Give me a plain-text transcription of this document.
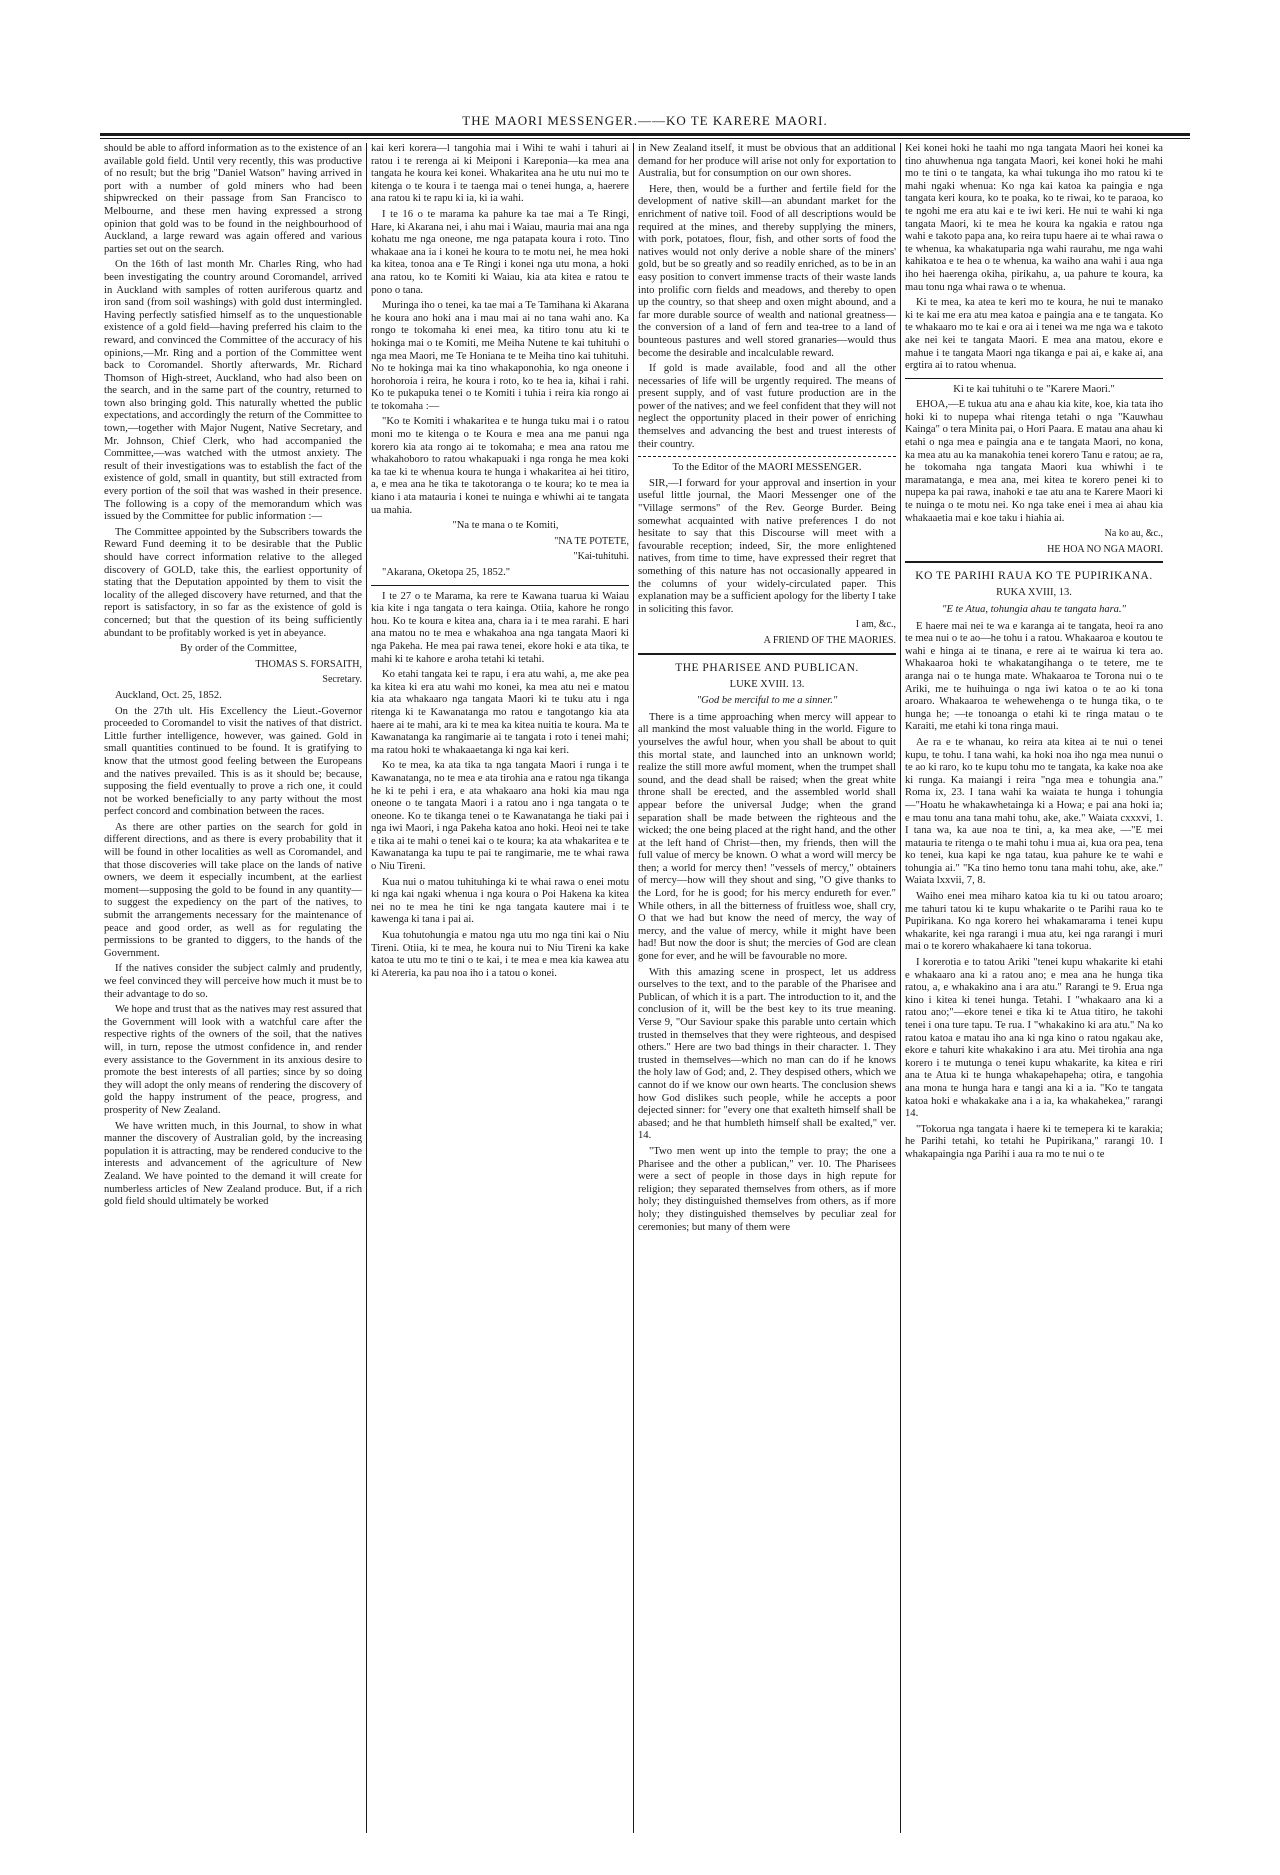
THE MAORI MESSENGER.——KO TE KARERE MAORI.

should be able to afford information as to the existence of an available gold field. Until very recently, this was productive of no result; but the brig "Daniel Watson" having arrived in port with a number of gold miners who had been shipwrecked on their passage from San Francisco to Melbourne, and these men having expressed a strong opinion that gold was to be found in the neighbourhood of Auckland, a large reward was again offered and various parties set out on the search.

On the 16th of last month Mr. Charles Ring, who had been investigating the country around Coromandel, arrived in Auckland with samples of rotten auriferous quartz and iron sand (from soil washings) with gold dust intermingled. Having perfectly satisfied himself as to the unquestionable existence of a gold field—having preferred his claim to the reward, and convinced the Committee of the accuracy of his opinions,—Mr. Ring and a portion of the Committee went back to Coromandel. Shortly afterwards, Mr. Richard Thomson of High-street, Auckland, who had also been on the search, and in the same part of the country, returned to town also bringing gold. This naturally whetted the public expectations, and accordingly the return of the Committee to town,—together with Major Nugent, Native Secretary, and Mr. Johnson, Chief Clerk, who had accompanied the Committee,—was watched with the utmost anxiety. The result of their investigations was to establish the fact of the existence of gold, small in quantity, but still extracted from every portion of the soil that was washed in their presence. The following is a copy of the memorandum which was issued by the Committee for public information :—

The Committee appointed by the Subscribers towards the Reward Fund deeming it to be desirable that the Public should have correct information relative to the alleged discovery of GOLD, take this, the earliest opportunity of stating that the Deputation appointed by them to visit the locality of the alleged discovery have returned, and that the report is satisfactory, in so far as the existence of gold is concerned; but that the question of its being sufficiently abundant to be profitably worked is yet in abeyance.

By order of the Committee,

THOMAS S. FORSAITH,
Secretary.

Auckland, Oct. 25, 1852.

On the 27th ult. His Excellency the Lieut.-Governor proceeded to Coromandel to visit the natives of that district. Little further intelligence, however, was gained. Gold in small quantities continued to be found. It is gratifying to know that the utmost good feeling between the Europeans and the natives prevailed. This is as it should be; because, supposing the field eventually to prove a rich one, it could not be worked beneficially to any party without the most perfect concord and combination between the races.

As there are other parties on the search for gold in different directions, and as there is every probability that it will be found in other localities as well as Coromandel, and that those discoveries will take place on the lands of native owners, we deem it especially incumbent, at the earliest moment—supposing the gold to be found in any quantity—to suggest the expediency on the part of the natives, to submit the arrangements necessary for the maintenance of peace and good order, as well as for regulating the permissions to be granted to diggers, to the hands of the Government.

If the natives consider the subject calmly and prudently, we feel convinced they will perceive how much it must be to their advantage to do so.

We hope and trust that as the natives may rest assured that the Government will look with a watchful care after the respective rights of the owners of the soil, that the natives will, in turn, repose the utmost confidence in, and render every assistance to the Government in its anxious desire to promote the best interests of all parties; since by so doing they will adopt the only means of rendering the discovery of gold the happy instrument of the peace, progress, and prosperity of New Zealand.

We have written much, in this Journal, to show in what manner the discovery of Australian gold, by the increasing population it is attracting, may be rendered conducive to the interests and advancement of the agriculture of New Zealand. We have pointed to the demand it will create for numberless articles of New Zealand produce. But, if a rich gold field should ultimately be worked

kai keri korera—l tangohia mai i Wihi te wahi i tahuri ai ratou i te rerenga ai ki Meiponi i Kareponia—ka mea ana tangata he koura kei konei. Whakaritea ana he utu nui mo te kitenga o te koura i te taenga mai o tenei hunga, a, haerere ana ratou ki te rapu ki ia, ki ia wahi.

I te 16 o te marama ka pahure ka tae mai a Te Ringi, Hare, ki Akarana nei, i ahu mai i Waiau, mauria mai ana nga kohatu me nga oneone, me nga patapata koura i roto. Tino whakaae ana ia i konei he koura to te motu nei, he mea hoki ka kitea, tonoa ana e Te Ringi i konei nga utu mona, a hoki ana ratou, ko te Komiti ki Waiau, kia ata kitea e ratou te pono o tana.

Muringa iho o tenei, ka tae mai a Te Tamihana ki Akarana he koura ano hoki ana i mau mai ai no tana wahi ano. Ka rongo te tokomaha ki enei mea, ka titiro tonu atu ki te hokinga mai o te Komiti, me Meiha Nutene te kai tuhituhi o nga mea Maori, me Te Honiana te te Meiha tino kai tuhituhi. No te hokinga mai ka tino whakaponohia, ko nga oneone i horohoroia i reira, he koura i roto, ko te hea ia, kihai i rahi. Ko te pukapuka tenei o te Komiti i tuhia i reira kia rongo ai te tokomaha :—

"Ko te Komiti i whakaritea e te hunga tuku mai i o ratou moni mo te kitenga o te Koura e mea ana me panui nga korero kia ata rongo ai te tokomaha; e mea ana ratou me whakahoboro to ratou whakapuaki i nga ronga he mea koki ka tae ki te whenua koura te hunga i whakaritea ai hei titiro, a, e mea ana he tika te takotoranga o te koura; ko te mea ia kiano i ata matauria i konei te nuinga e whiwhi ai te tangata ua mahia.

"Na te mana o te Komiti,

"NA TE POTETE,
"Kai-tuhituhi.

"Akarana, Oketopa 25, 1852."

I te 27 o te Marama, ka rere te Kawana tuarua ki Waiau kia kite i nga tangata o tera kainga. Otiia, kahore he rongo hou. Ko te koura e kitea ana, chara ia i te mea rarahi. E hari ana matou no te mea e whakahoa ana nga tangata Maori ki nga Pakeha. He mea pai rawa tenei, ekore hoki e ata tika, te mahi ki te kahore e aroha tetahi ki tetahi.

Ko etahi tangata kei te rapu, i era atu wahi, a, me ake pea ka kitea ki era atu wahi mo konei, ka mea atu nei e matou kia ata whakaaro nga tangata Maori ki te tuku atu i nga ritenga ki te Kawanatanga mo ratou e tangotango kia ata haere ai te mahi, ara ki te mea ka kitea nuitia te koura. Ma te Kawanatanga ka rangimarie ai te tangata i roto i tenei mahi; ma ratou hoki te whakaaetanga ki nga kai keri.

Ko te mea, ka ata tika ta nga tangata Maori i runga i te Kawanatanga, no te mea e ata tirohia ana e ratou nga tikanga he ki te pehi i era, e ata whakaaro ana hoki kia mau nga oneone o te tangata Maori i a ratou ano i nga tangata o te oneone. Ko te tikanga tenei o te Kawanatanga he tiaki pai i nga iwi Maori, i nga Pakeha katoa ano hoki. Heoi nei te take e tika ai te mahi o tenei kai o te koura; ka ata whakaritea e te Kawanatanga ka tupu te pai te rangimarie, me te whai rawa o Niu Tireni.

Kua nui o matou tuhituhinga ki te whai rawa o enei motu ki nga kai ngaki whenua i nga koura o Poi Hakena ka kitea nei no te mea he tini ke nga tangata kautere mai i te kawenga ki tana i pai ai.

Kua tohutohungia e matou nga utu mo nga tini kai o Niu Tireni. Otiia, ki te mea, he koura nui to Niu Tireni ka kake katoa te utu mo te tini o te kai, i te mea e mea kia kawea atu ki Atereria, ka pau noa iho i a tatou o konei.

in New Zealand itself, it must be obvious that an additional demand for her produce will arise not only for exportation to Australia, but for consumption on our own shores.

Here, then, would be a further and fertile field for the development of native skill—an abundant market for the enrichment of native toil. Food of all descriptions would be required at the mines, and thereby supplying the miners, with pork, potatoes, flour, fish, and other sorts of food the natives would not only derive a noble share of the miners' gold, but be so greatly and so readily enriched, as to be in an easy position to convert immense tracts of their waste lands into prolific corn fields and meadows, and thereby to open up the country, so that sheep and oxen might abound, and a far more durable source of wealth and national greatness—the conversion of a land of fern and tea-tree to a land of bounteous pastures and well stored granaries—would thus become the desirable and incalculable reward.

If gold is made available, food and all the other necessaries of life will be urgently required. The means of present supply, and of vast future production are in the power of the natives; and we feel confident that they will not neglect the opportunity placed in their power of enriching themselves and advancing the best and truest interests of their country.

To the Editor of the MAORI MESSENGER.

SIR,—I forward for your approval and insertion in your useful little journal, the Maori Messenger one of the "Village sermons" of the Rev. George Burder. Being somewhat acquainted with native preferences I do not hesitate to say that this Discourse will meet with a favourable reception; indeed, Sir, the more enlightened natives, from time to time, have expressed their regret that something of this nature has not occasionally appeared in the columns of your widely-circulated paper. This explanation may be a sufficient apology for the liberty I take in soliciting this favor.

I am, &c.,
A FRIEND OF THE MAORIES.
THE PHARISEE AND PUBLICAN.
LUKE XVIII. 13.
"God be merciful to me a sinner."

There is a time approaching when mercy will appear to all mankind the most valuable thing in the world. Figure to yourselves the awful hour, when you shall be about to quit this mortal state, and launched into an unknown world; realize the still more awful moment, when the trumpet shall sound, and the dead shall be raised; when the great white throne shall be erected, and the assembled world shall appear before the universal Judge; when the grand separation shall be made between the righteous and the wicked; the one being placed at the right hand, and the other at the left hand of Christ—then, my friends, then will the full value of mercy be known. O what a word will mercy be then; a world for mercy then! "vessels of mercy," obtainers of mercy—how will they shout and sing, "O give thanks to the Lord, for he is good; for his mercy endureth for ever." While others, in all the bitterness of fruitless woe, shall cry, O that we had but know the need of mercy, the way of mercy, and the value of mercy, while it might have been had! But now the door is shut; the mercies of God are clean gone for ever, and he will be favourable no more.

With this amazing scene in prospect, let us address ourselves to the text, and to the parable of the Pharisee and Publican, of which it is a part. The introduction to it, and the conclusion of it, will be the best key to its true meaning. Verse 9, "Our Saviour spake this parable unto certain which trusted in themselves that they were righteous, and despised others." Here are two bad things in their character. 1. They trusted in themselves—which no man can do if he knows the holy law of God; and, 2. They despised others, which we cannot do if we know our own hearts. The conclusion shews how God dislikes such people, while he accepts a poor dejected sinner: for "every one that exalteth himself shall be abased; and he that humbleth himself shall be exalted," ver. 14.

"Two men went up into the temple to pray; the one a Pharisee and the other a publican," ver. 10. The Pharisees were a sect of people in those days in high repute for religion; they separated themselves from others, as if more holy; they distinguished themselves from others, as if more holy; they distinguished themselves by peculiar zeal for ceremonies; but many of them were

Kei konei hoki he taahi mo nga tangata Maori hei konei ka tino ahuwhenua nga tangata Maori, kei konei hoki he mahi mo te tini o te tangata, ka whai tukunga iho mo ratou ki te mahi ngaki whenua: Ko nga kai katoa ka paingia e nga tangata keri koura, ko te poaka, ko te riwai, ko te paraoa, ko te ngohi me era atu kai e te iwi keri. He nui te wahi ki nga tangata Maori, ki te mea he koura ka ngakia e ratou nga wahi e takoto papa ana, ko reira tupu haere ai te whai rawa o te whenua, ka whakatuparia nga wahi raurahu, me nga wahi kahikatoa e te hea o te whenua, ka waiho ana wahi i aua nga iho hei haerenga okiha, pirikahu, a, ua pahure te koura, ka mau tonu nga whai rawa o te whenua.

Ki te mea, ka atea te keri mo te koura, he nui te manako ki te kai me era atu mea katoa e paingia ana e te tangata. Ko te whakaaro mo te kai e ora ai i tenei wa me nga wa e takoto ake nei kei te tangata Maori. E mea ana matou, ekore e mahue i te tangata Maori nga tikanga e pai ai, e kake ai, ana ergtira ai to ratou whenua.

Ki te kai tuhituhi o te "Karere Maori."

EHOA,—E tukua atu ana e ahau kia kite, koe, kia tata iho hoki ki to nupepa whai ritenga tetahi o nga "Kauwhau Kainga" o tera Minita pai, o Hori Paara. E matau ana ahau ki etahi o nga mea e paingia ana e te tangata Maori, no kona, ka mea atu au ka manakohia tenei korero Tanu e ratou; ae ra, he tokomaha nga tangata Maori kua whiwhi i te maramatanga, e mea ana, mei kitea te korero penei ki to nupepa ka pai rawa, inahoki e tae atu ana te Karere Maori ki te nuinga o te motu nei. Ko nga take enei i mea ai ahau kia whakaaetia mai e koe taku i hiahia ai.

Na ko au, &c.,
HE HOA NO NGA MAORI.
KO TE PARIHI RAUA KO TE PUPIRIKANA.
RUKA XVIII, 13.
"E te Atua, tohungia ahau te tangata hara."

E haere mai nei te wa e karanga ai te tangata, heoi ra ano te mea nui o te ao—he tohu i a ratou. Whakaaroa e koutou te wahi e hinga ai te tinana, e rere ai te wairua ki tera ao. Whakaaroa hoki te whakatangihanga o te tetere, me te aranga nai o te hunga mate. Whakaaroa te Torona nui o te Ariki, me te huihuinga o nga iwi katoa o te ao ki tona aroaro. Whakaaroa te wehewehenga o te hunga tika, o te hunga he; —te tonoanga o etahi ki te ringa matau o te Karaiti, me etahi ki tona ringa maui.

Ae ra e te whanau, ko reira ata kitea ai te nui o tenei kupu, te tohu. I tana wahi, ka hoki noa iho nga mea nunui o te ao ki raro, ko te kupu tohu mo te tangata, ka kake noa ake ki runga. Ka maiangi i reira "nga mea e tohungia ana." Roma ix, 23. I tana wahi ka waiata te hunga i tohungia—"Hoatu he whakawhetainga ki a Howa; e pai ana hoki ia; e mau tonu ana tana mahi tohu, ake, ake." Waiata cxxxvi, 1. I tana wa, ka aue noa te tini, a, ka mea ake, —"E mei matauria te ritenga o te mahi tohu i mua ai, kua ora pea, tena ko tenei, kua kapi ke nga tatau, kua pahure ke te wahi e tohungia ai." "Ka tino hemo tonu tana mahi tohu, ake, ake." Waiata lxxvii, 7, 8.

Waiho enei mea miharo katoa kia tu ki ou tatou aroaro; me tahuri tatou ki te kupu whakarite o te Parihi raua ko te Pupirikana. Ko nga korero hei whakamarama i tenei kupu whakarite, kei nga rarangi i mua atu, kei nga rarangi i muri mai o te korero whakahaere ki tana tokorua.

I korerotia e to tatou Ariki "tenei kupu whakarite ki etahi e whakaaro ana ki a ratou ano; e mea ana he hunga tika ratou, a, e whakakino ana i ara atu." Rarangi te 9. Erua nga kino i kitea ki tenei hunga. Tetahi. I "whakaaro ana ki a ratou ano;"—ekore tenei e tika ki te Atua titiro, he takohi tenei i ona ture tapu. Te rua. I "whakakino ki ara atu." Na ko ratou katoa e matau iho ana ki nga kino o ratou ngakau ake, ekore e tahuri kite whakakino i ara atu. Mei tirohia ana nga korero i te mutunga o tenei kupu whakarite, ka kitea e riri ana te Atua ki te hunga whakapehapeha; otira, e tangohia ana mona te hunga hara e tangi ana ki a ia. "Ko te tangata katoa hoki e whakakake ana i a ia, ka whakahekea," rarangi 14.

"Tokorua nga tangata i haere ki te temepera ki te karakia; he Parihi tetahi, ko tetahi he Pupirikana," rarangi 10. I whakapaingia nga Parihi i aua ra mo te nui o te
